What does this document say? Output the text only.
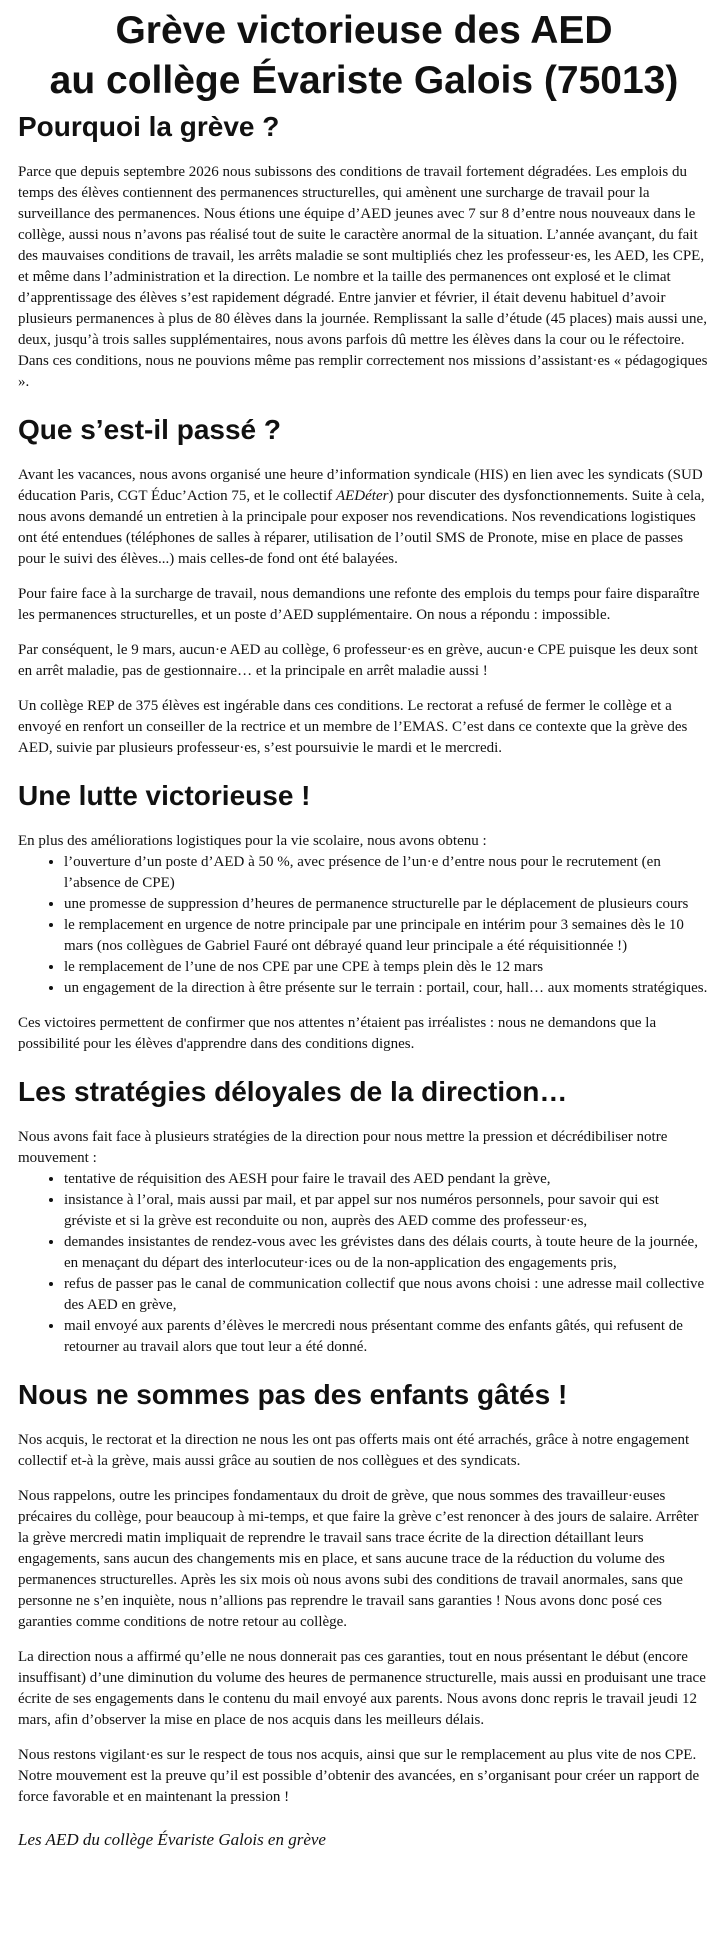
Grève victorieuse des AED
au collège Évariste Galois (75013)
Pourquoi la grève ?

Parce que depuis septembre 2026 nous subissons des conditions de travail fortement dégradées. Les emplois du temps des élèves contiennent des permanences structurelles, qui amènent une surcharge de travail pour la surveillance des permanences. Nous étions une équipe d’AED jeunes avec 7 sur 8 d’entre nous nouveaux dans le collège, aussi nous n’avons pas réalisé tout de suite le caractère anormal de la situation. L’année avançant, du fait des mauvaises conditions de travail, les arrêts maladie se sont multipliés chez les professeur·es, les AED, les CPE, et même dans l’administration et la direction. Le nombre et la taille des permanences ont explosé et le climat d’apprentissage des élèves s’est rapidement dégradé. Entre janvier et février, il était devenu habituel d’avoir plusieurs permanences à plus de 80 élèves dans la journée. Remplissant la salle d’étude (45 places) mais aussi une, deux, jusqu’à trois salles supplémentaires, nous avons parfois dû mettre les élèves dans la cour ou le réfectoire. Dans ces conditions, nous ne pouvions même pas remplir correctement nos missions d’assistant·es « pédagogiques ».

Que s’est-il passé ?

Avant les vacances, nous avons organisé une heure d’information syndicale (HIS) en lien avec les syndicats (SUD éducation Paris, CGT Éduc’Action 75, et le collectif AEDéter) pour discuter des dysfonctionnements. Suite à cela, nous avons demandé un entretien à la principale pour exposer nos revendications. Nos revendications logistiques ont été entendues (téléphones de salles à réparer, utilisation de l’outil SMS de Pronote, mise en place de passes pour le suivi des élèves...) mais celles-de fond ont été balayées.

Pour faire face à la surcharge de travail, nous demandions une refonte des emplois du temps pour faire disparaître les permanences structurelles, et un poste d’AED supplémentaire. On nous a répondu : impossible.

Par conséquent, le 9 mars, aucun·e AED au collège, 6 professeur·es en grève, aucun·e CPE puisque les deux sont en arrêt maladie, pas de gestionnaire… et la principale en arrêt maladie aussi !

Un collège REP de 375 élèves est ingérable dans ces conditions. Le rectorat a refusé de fermer le collège et a envoyé en renfort un conseiller de la rectrice et un membre de l’EMAS. C’est dans ce contexte que la grève des AED, suivie par plusieurs professeur·es, s’est poursuivie le mardi et le mercredi.

Une lutte victorieuse !

En plus des améliorations logistiques pour la vie scolaire, nous avons obtenu :

• l’ouverture d’un poste d’AED à 50 %, avec présence de l’un·e d’entre nous pour le recrutement (en l’absence de CPE)
• une promesse de suppression d’heures de permanence structurelle par le déplacement de plusieurs cours
• le remplacement en urgence de notre principale par une principale en intérim pour 3 semaines dès le 10 mars (nos collègues de Gabriel Fauré ont débrayé quand leur principale a été réquisitionnée !)
• le remplacement de l’une de nos CPE par une CPE à temps plein dès le 12 mars
• un engagement de la direction à être présente sur le terrain : portail, cour, hall… aux moments stratégiques.

Ces victoires permettent de confirmer que nos attentes n’étaient pas irréalistes : nous ne demandons que la possibilité pour les élèves d'apprendre dans des conditions dignes.

Les stratégies déloyales de la direction…

Nous avons fait face à plusieurs stratégies de la direction pour nous mettre la pression et décrédibiliser notre mouvement :

• tentative de réquisition des AESH pour faire le travail des AED pendant la grève,
• insistance à l’oral, mais aussi par mail, et par appel sur nos numéros personnels, pour savoir qui est gréviste et si la grève est reconduite ou non, auprès des AED comme des professeur·es,
• demandes insistantes de rendez-vous avec les grévistes dans des délais courts, à toute heure de la journée, en menaçant du départ des interlocuteur·ices ou de la non-application des engagements pris,
• refus de passer pas le canal de communication collectif que nous avons choisi : une adresse mail collective des AED en grève,
• mail envoyé aux parents d’élèves le mercredi nous présentant comme des enfants gâtés, qui refusent de retourner au travail alors que tout leur a été donné.
Nous ne sommes pas des enfants gâtés !

Nos acquis, le rectorat et la direction ne nous les ont pas offerts mais ont été arrachés, grâce à notre engagement collectif et-à la grève, mais aussi grâce au soutien de nos collègues et des syndicats.

Nous rappelons, outre les principes fondamentaux du droit de grève, que nous sommes des travailleur·euses précaires du collège, pour beaucoup à mi-temps, et que faire la grève c’est renoncer à des jours de salaire. Arrêter la grève mercredi matin impliquait de reprendre le travail sans trace écrite de la direction détaillant leurs engagements, sans aucun des changements mis en place, et sans aucune trace de la réduction du volume des permanences structurelles. Après les six mois où nous avons subi des conditions de travail anormales, sans que personne ne s’en inquiète, nous n’allions pas reprendre le travail sans garanties ! Nous avons donc posé ces garanties comme conditions de notre retour au collège.

La direction nous a affirmé qu’elle ne nous donnerait pas ces garanties, tout en nous présentant le début (encore insuffisant) d’une diminution du volume des heures de permanence structurelle, mais aussi en produisant une trace écrite de ses engagements dans le contenu du mail envoyé aux parents. Nous avons donc repris le travail jeudi 12 mars, afin d’observer la mise en place de nos acquis dans les meilleurs délais.

Nous restons vigilant·es sur le respect de tous nos acquis, ainsi que sur le remplacement au plus vite de nos CPE. Notre mouvement est la preuve qu’il est possible d’obtenir des avancées, en s’organisant pour créer un rapport de force favorable et en maintenant la pression !

Les AED du collège Évariste Galois en grève
